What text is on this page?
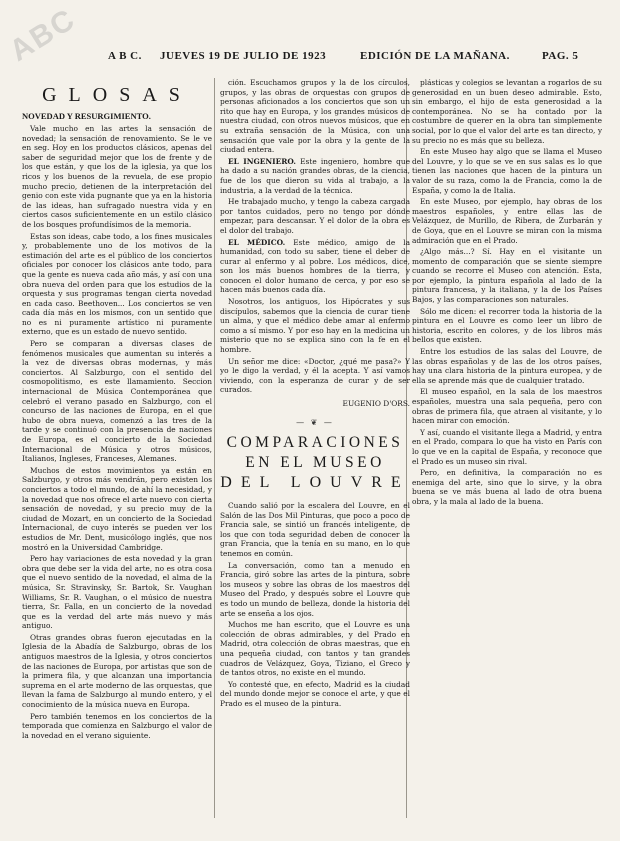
ABC	A B C. JUEVES 19 DE JULIO DE 1923	EDICIÓN DE LA MAÑANA.	PAG. 5
GLOSAS
NOVEDAD Y RESURGIMIENTO.

Vale mucho en las artes la sensación de novedad; la sensación de renovamiento. Se le ve en seg. Hoy en los productos clásicos, apenas del saber de seguridad mejor que los de frente y de los que están, y que los de la iglesia, ya que los ricos y los buenos de la revuela, de ese propio mucho precio, detienen de la interpretación del genio con este vida pugnante que ya en la historia de las ideas, han sufragado nuestra vida y en ciertos casos suficientemente en un estilo clásico de los bosques profundísimos de la memoria.

Estas son ideas, cabe todo, a los fines musicales y, probablemente uno de los motivos de la estimación del arte es el público de los conciertos oficiales por conocer los clásicos ante todo, para que la gente es nueva cada año más, y así con una obra nueva del orden para que los estudios de la orquesta y sus programas tengan cierta novedad en cada caso. Beethoven... Los conciertos se ven cada día más en los mismos, con un sentido que no es ni puramente artístico ni puramente externo, que es un estado de nuevo sentido.

Pero se comparan a diversas clases de fenómenos musicales que aumentan su interés a la vez de diversas obras modernas, y más conciertos. Al Salzburgo, con el sentido del cosmopolitismo, es este llamamiento. Seccion internacional de Música Contemporánea que celebró el verano pasado en Salzburgo, con el concurso de las naciones de Europa, en el que hubo de obra nueva, comenzó a las tres de la tarde y se continuó con la presencia de naciones de Europa, es el concierto de la Sociedad Internacional de Música y otros músicos, Italianos, Ingleses, Franceses, Alemanes.

Muchos de estos movimientos ya están en Salzburgo, y otros más vendrán, pero existen los conciertos a todo el mundo, de ahí la necesidad, y la novedad que nos ofrece el arte nuevo con cierta sensación de novedad, y su precio muy de la ciudad de Mozart, en un concierto de la Sociedad Internacional, de cuyo interés se pueden ver los estudios de Mr. Dent, musicólogo inglés, que nos mostró en la Universidad Cambridge.

Pero hay variaciones de esta novedad y la gran obra que debe ser la vida del arte, no es otra cosa que el nuevo sentido de la novedad, el alma de la música, Sr. Stravinsky, Sr. Bartok, Sr. Vaughan Williams, Sr. R. Vaughan, o el músico de nuestra tierra, Sr. Falla, en un concierto de la novedad que es la verdad del arte más nuevo y más antiguo.

Otras grandes obras fueron ejecutadas en la Iglesia de la Abadía de Salzburgo, obras de los antiguos maestros de la Iglesia, y otros conciertos de las naciones de Europa, por artistas que son de la primera fila, y que alcanzan una importancia suprema en el arte moderno de las orquestas, que llevan la fama de Salzburgo al mundo entero, y el conocimiento de la música nueva en Europa.

Pero también tenemos en los conciertos de la temporada que comienza en Salzburgo el valor de la novedad en el verano siguiente.

ción. Escuchamos grupos y la de los círculos, grupos, y las obras de orquestas con grupos de personas aficionados a los conciertos que son un rito que hay en Europa, y los grandes músicos de nuestra ciudad, con otros nuevos músicos, que en su extraña sensación de la Música, con una sensación que vale por la obra y la gente de la ciudad entera.

EL INGENIERO. Este ingeniero, hombre que ha dado a su nación grandes obras, de la ciencia, fue de los que dieron su vida al trabajo, a la industria, a la verdad de la técnica.

He trabajado mucho, y tengo la cabeza cargada por tantos cuidados, pero no tengo por dónde empezar, para descansar. Y el dolor de la obra es el dolor del trabajo.

EL MÉDICO. Este médico, amigo de la humanidad, con todo su saber, tiene el deber de curar al enfermo y al pobre. Los médicos, dice, son los más buenos hombres de la tierra, y conocen el dolor humano de cerca, y por eso se hacen más buenos cada día.

Nosotros, los antiguos, los Hipócrates y sus discípulos, sabemos que la ciencia de curar tiene un alma, y que el médico debe amar al enfermo como a sí mismo. Y por eso hay en la medicina un misterio que no se explica sino con la fe en el hombre.

Un señor me dice: «Doctor, ¿qué me pasa?» Y yo le digo la verdad, y él la acepta. Y así vamos viviendo, con la esperanza de curar y de ser curados.

EUGENIO D'ORS.
— ❦ —
COMPARACIONES
EN EL MUSEO
DEL LOUVRE

Cuando salió por la escalera del Louvre, en el Salón de las Dos Mil Pinturas, que poco a poco de Francia sale, se sintió un francés inteligente, de los que con toda seguridad deben de conocer la gran Francia, que la tenía en su mano, en lo que tenemos en común.

La conversación, como tan a menudo en Francia, giró sobre las artes de la pintura, sobre los museos y sobre las obras de los maestros del Museo del Prado, y después sobre el Louvre que es todo un mundo de belleza, donde la historia del arte se enseña a los ojos.

Muchos me han escrito, que el Louvre es una colección de obras admirables, y del Prado en Madrid, otra colección de obras maestras, que en una pequeña ciudad, con tantos y tan grandes cuadros de Velázquez, Goya, Tiziano, el Greco y de tantos otros, no existe en el mundo.

Yo contesté que, en efecto, Madrid es la ciudad del mundo donde mejor se conoce el arte, y que el Prado es el museo de la pintura.

plásticas y colegios se levantan a rogarlos de su generosidad en un buen deseo admirable. Esto, sin embargo, el hijo de esta generosidad a la contemporánea. No se ha contado por la costumbre de querer en la obra tan simplemente social, por lo que el valor del arte es tan directo, y su precio no es más que su belleza.

En este Museo hay algo que se llama el Museo del Louvre, y lo que se ve en sus salas es lo que tienen las naciones que hacen de la pintura un valor de su raza, como la de Francia, como la de España, y como la de Italia.

En este Museo, por ejemplo, hay obras de los maestros españoles, y entre ellas las de Velázquez, de Murillo, de Ribera, de Zurbarán y de Goya, que en el Louvre se miran con la misma admiración que en el Prado.

¿Algo más...? Sí. Hay en el visitante un momento de comparación que se siente siempre cuando se recorre el Museo con atención. Esta, por ejemplo, la pintura española al lado de la pintura francesa, y la italiana, y la de los Países Bajos, y las comparaciones son naturales.

Sólo me dicen: el recorrer toda la historia de la pintura en el Louvre es como leer un libro de historia, escrito en colores, y de los libros más bellos que existen.

Entre los estudios de las salas del Louvre, de las obras españolas y de las de los otros países, hay una clara historia de la pintura europea, y de ella se aprende más que de cualquier tratado.

El museo español, en la sala de los maestros españoles, muestra una sala pequeña, pero con obras de primera fila, que atraen al visitante, y lo hacen mirar con emoción.

Y así, cuando el visitante llega a Madrid, y entra en el Prado, compara lo que ha visto en París con lo que ve en la capital de España, y reconoce que el Prado es un museo sin rival.

Pero, en definitiva, la comparación no es enemiga del arte, sino que lo sirve, y la obra buena se ve más buena al lado de otra buena obra, y la mala al lado de la buena.
